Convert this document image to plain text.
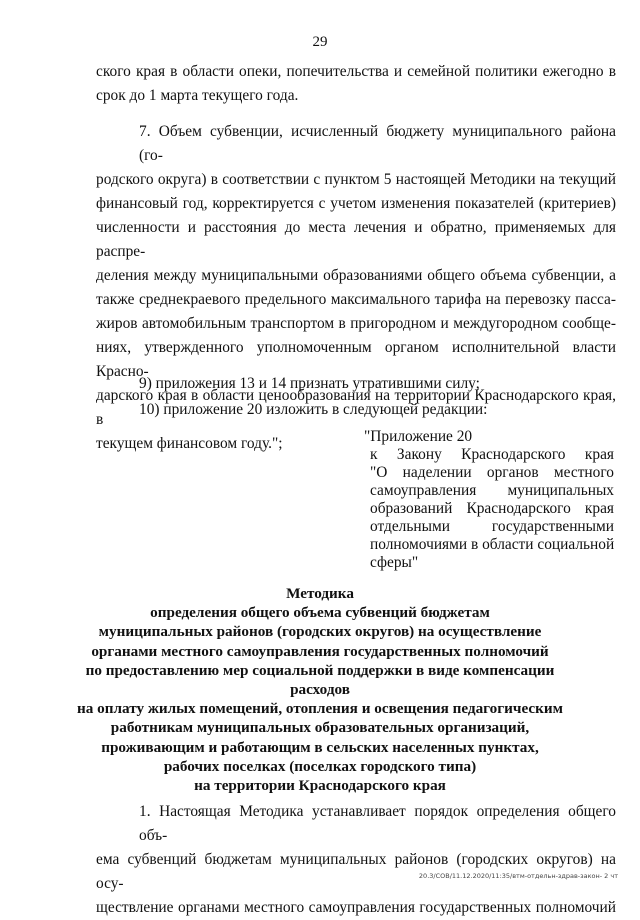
29
ского края в области опеки, попечительства и семейной политики ежегодно в
срок до 1 марта текущего года.
7. Объем субвенции, исчисленный бюджету муниципального района (го-
родского округа) в соответствии с пунктом 5 настоящей Методики на текущий
финансовый год, корректируется с учетом изменения показателей (критериев)
численности и расстояния до места лечения и обратно, применяемых для распре-
деления между муниципальными образованиями общего объема субвенции, а
также среднекраевого предельного максимального тарифа на перевозку пасса-
жиров автомобильным транспортом в пригородном и междугородном сообще-
ниях, утвержденного уполномоченным органом исполнительной власти Красно-
дарского края в области ценообразования на территории Краснодарского края, в
текущем финансовом году.";
9) приложения 13 и 14 признать утратившими силу;
10) приложение 20 изложить в следующей редакции:
"Приложение 20
к Закону Краснодарского края
"О наделении органов местного
самоуправления муниципальных
образований Краснодарского края
отдельными государственными
полномочиями в области социальной
сферы"
Методика
определения общего объема субвенций бюджетам
муниципальных районов (городских округов) на осуществление
органами местного самоуправления государственных полномочий
по предоставлению мер социальной поддержки в виде компенсации расходов
на оплату жилых помещений, отопления и освещения педагогическим
работникам муниципальных образовательных организаций,
проживающим и работающим в сельских населенных пунктах,
рабочих поселках (поселках городского типа)
на территории Краснодарского края
1. Настоящая Методика устанавливает порядок определения общего объ-
ема субвенций бюджетам муниципальных районов (городских округов) на осу-
ществление органами местного самоуправления государственных полномочий
20.3/СОВ/11.12.2020/11:35/втм-отдельн-здрав-закон- 2 чт
